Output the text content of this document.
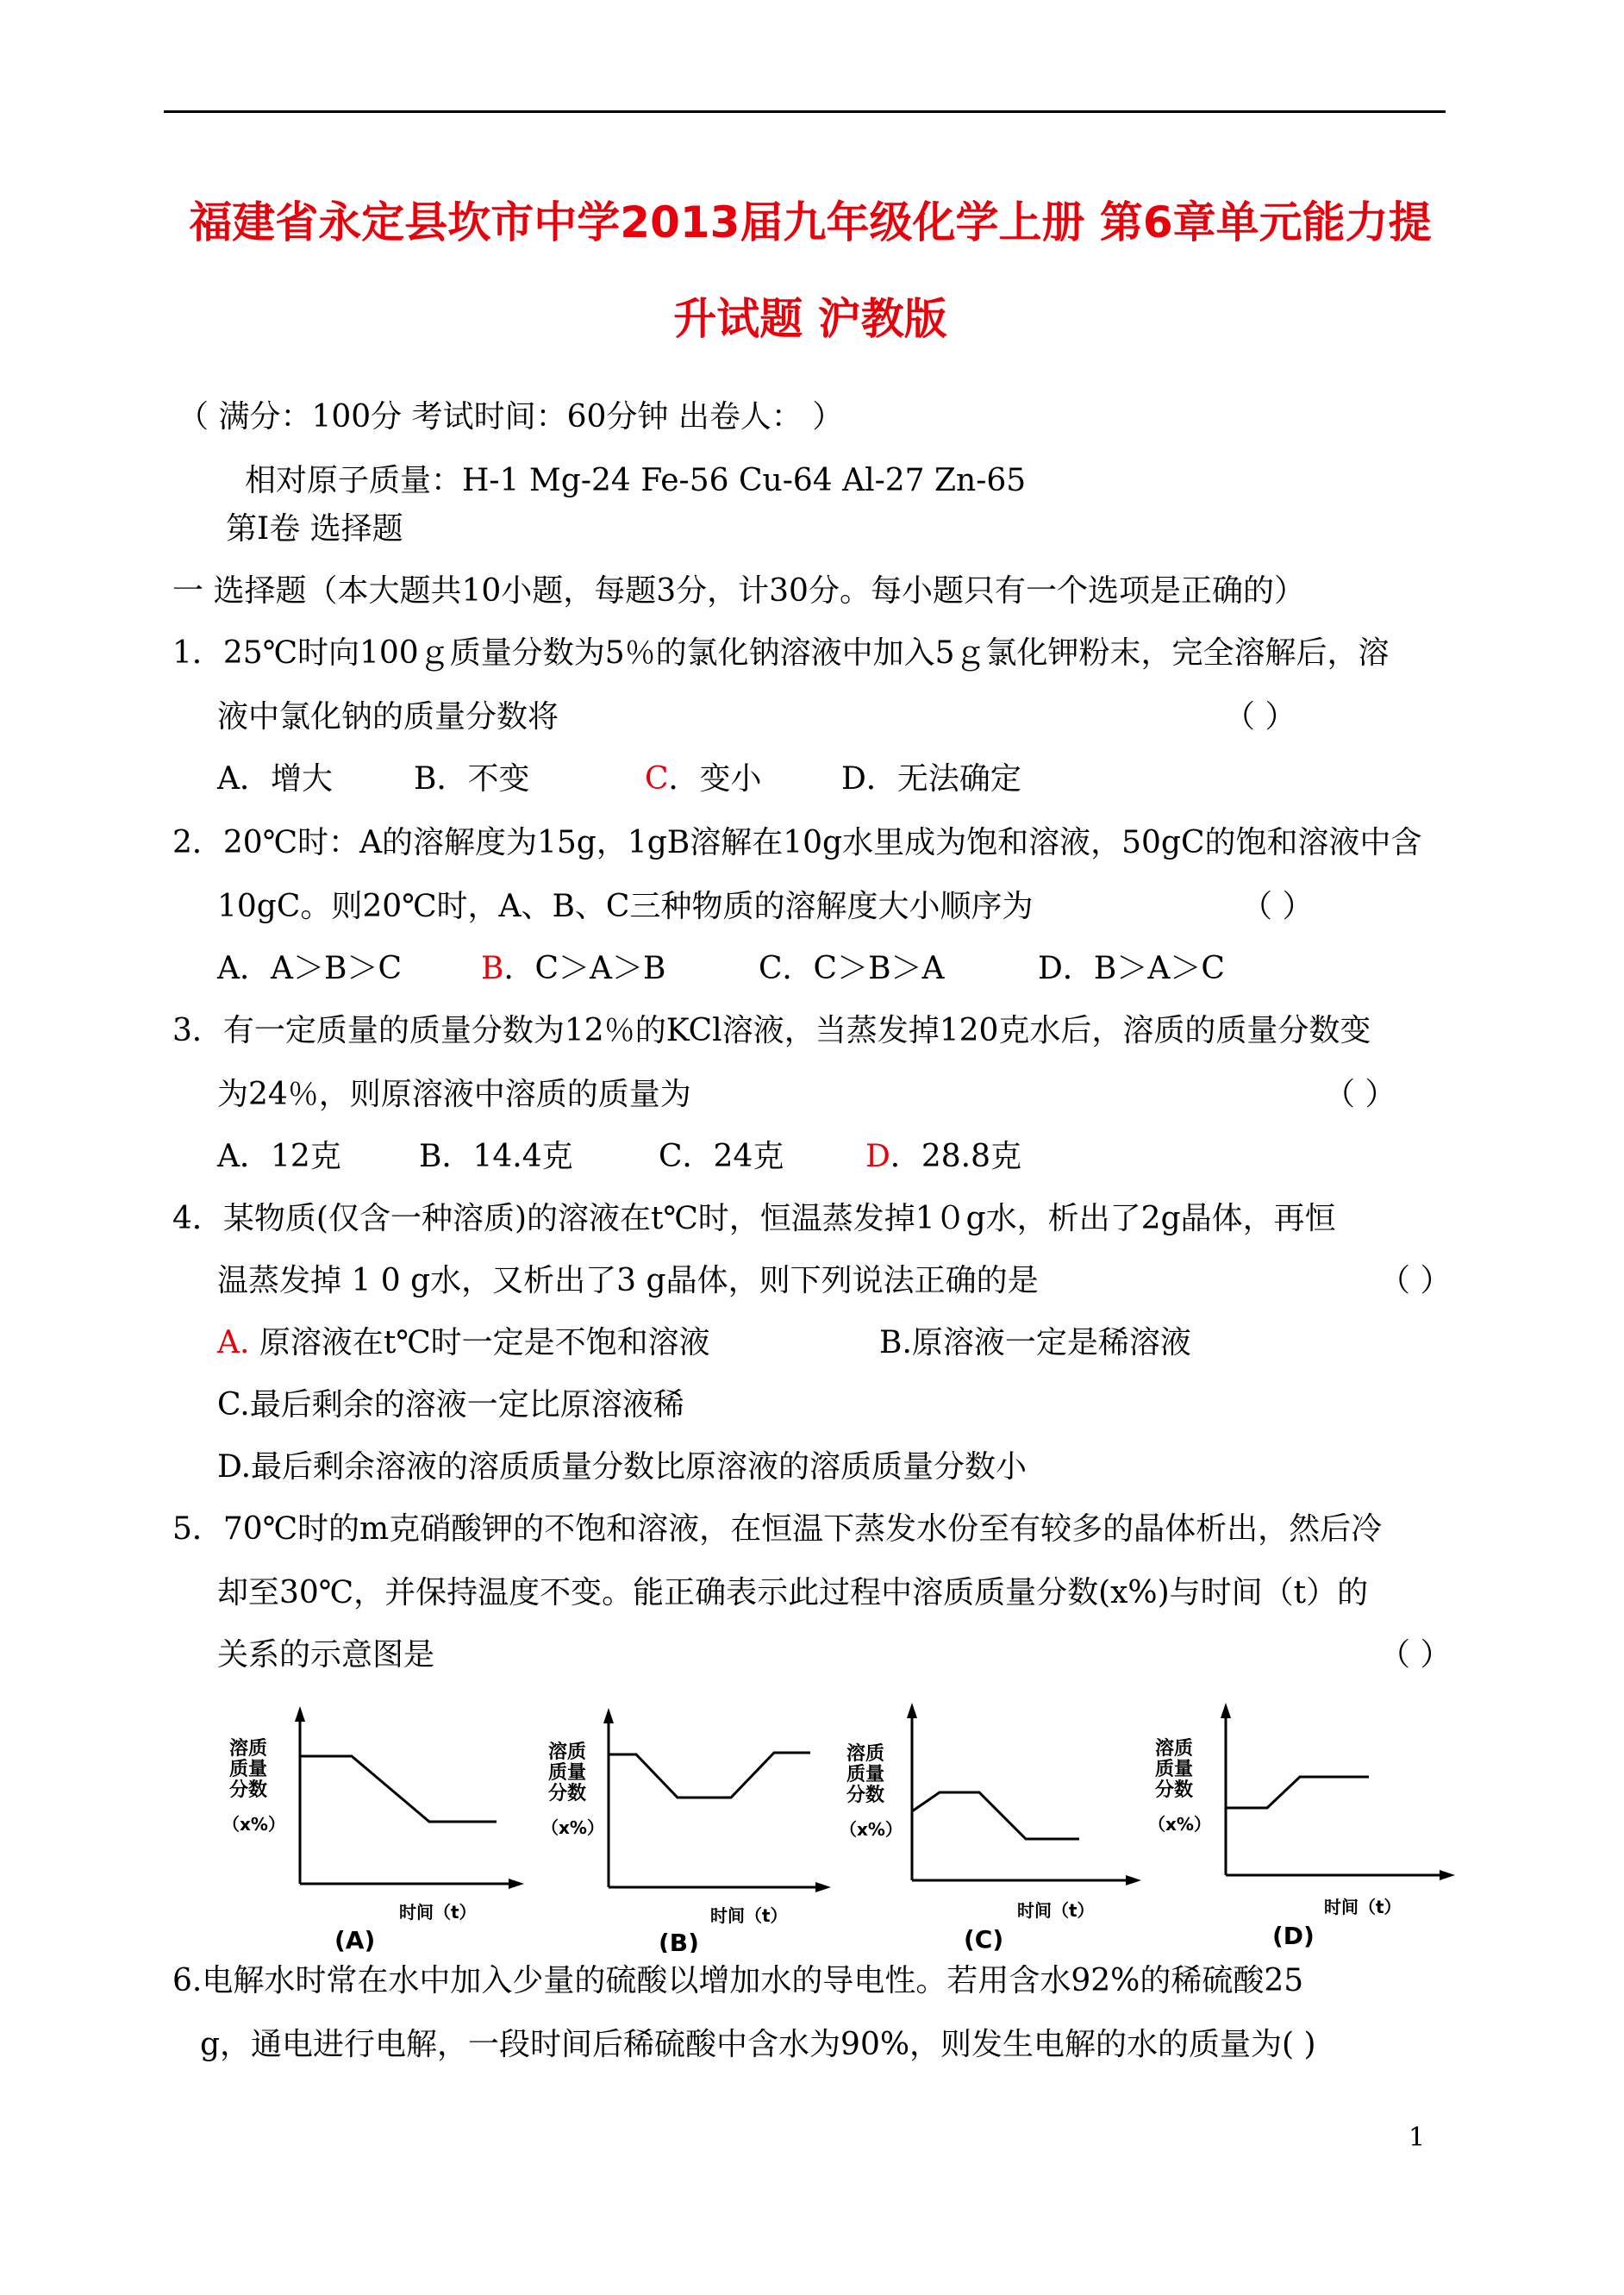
福建省永定县坎市中学2013届九年级化学上册 第6章单元能力提
升试题 沪教版
（ 满分：100分 考试时间：60分钟 出卷人： ）
相对原子质量：H-1 Mg-24 Fe-56 Cu-64 Al-27 Zn-65
第Ⅰ卷 选择题
一 选择题（本大题共10小题，每题3分，计30分。每小题只有一个选项是正确的）
1．25℃时向100ｇ质量分数为5％的氯化钠溶液中加入5ｇ氯化钾粉末，完全溶解后，溶
液中氯化钠的质量分数将	（ ）
A．增大	B．不变	C．变小	D．无法确定
2．20℃时：A的溶解度为15g，1gB溶解在10g水里成为饱和溶液，50gC的饱和溶液中含
10gC。则20℃时，A、B、C三种物质的溶解度大小顺序为	（ ）
A．A＞B＞C	B．C＞A＞B	C．C＞B＞A	D．B＞A＞C
3．有一定质量的质量分数为12％的KCl溶液，当蒸发掉120克水后，溶质的质量分数变
为24％，则原溶液中溶质的质量为	（ ）
A．12克	B．14.4克	C．24克	D．28.8克
4．某物质(仅含一种溶质)的溶液在t℃时，恒温蒸发掉1０g水，析出了2g晶体，再恒
温蒸发掉 1 0 g水，又析出了3 g晶体，则下列说法正确的是	（ ）
A. 原溶液在t℃时一定是不饱和溶液	B.原溶液一定是稀溶液
C.最后剩余的溶液一定比原溶液稀
D.最后剩余溶液的溶质质量分数比原溶液的溶质质量分数小
5．70℃时的m克硝酸钾的不饱和溶液，在恒温下蒸发水份至有较多的晶体析出，然后冷
却至30℃，并保持温度不变。能正确表示此过程中溶质质量分数(x%)与时间（t）的
关系的示意图是	（ ）
溶质
质量
分数
（x%）
时间（t）
(A)
溶质
质量
分数
（x%）
时间（t）
(B)
溶质
质量
分数
（x%）
时间（t）
(C)
溶质
质量
分数
（x%）
时间（t）
(D)
6.电解水时常在水中加入少量的硫酸以增加水的导电性。若用含水92%的稀硫酸25
g，通电进行电解，一段时间后稀硫酸中含水为90%，则发生电解的水的质量为( )
1
